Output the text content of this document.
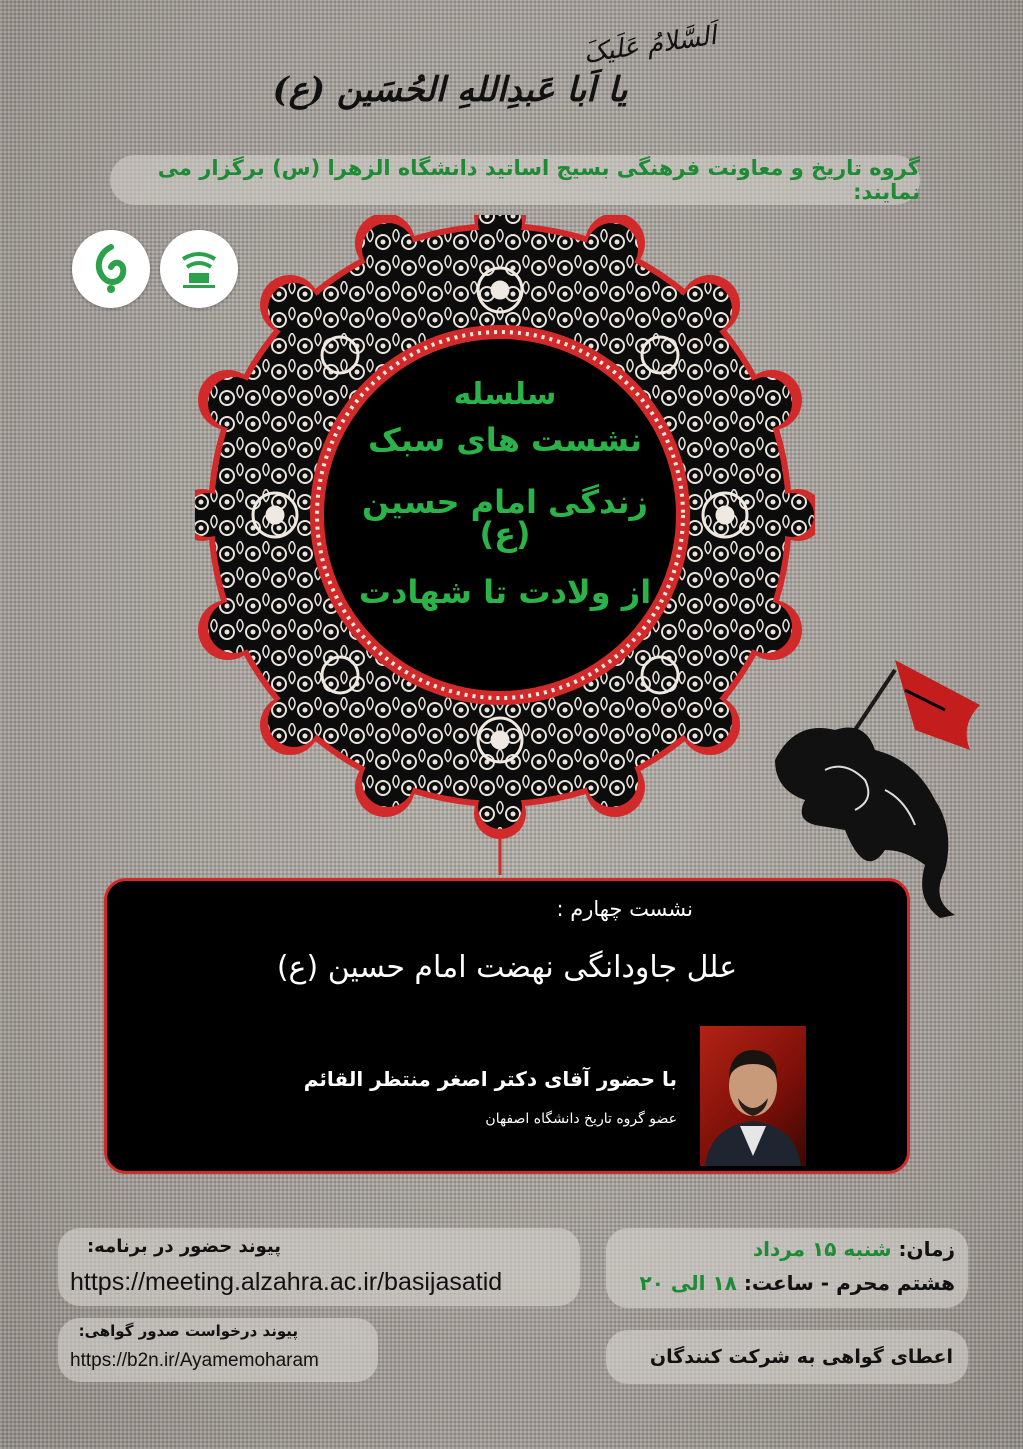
اَلسَّلامُ عَلَیکَ
یا اَبا عَبدِاللهِ الحُسَین (ع)
گروه تاریخ و معاونت فرهنگی بسیج اساتید دانشگاه الزهرا (س) برگزار می نمایند:
سلسله
نشست های سبک
زندگی امام حسین (ع)
از ولادت تا شهادت
نشست چهارم :
علل جاودانگی نهضت امام حسین (ع)
با حضور آقای دکتر اصغر منتظر القائم
عضو گروه تاریخ دانشگاه اصفهان
پیوند حضور در برنامه:
https://meeting.alzahra.ac.ir/basijasatid
پیوند درخواست صدور گواهی:
https://b2n.ir/Ayamemoharam
زمان: شنبه ۱۵ مرداد
هشتم محرم - ساعت: ۱۸ الی ۲۰
اعطای گواهی به شرکت کنندگان
